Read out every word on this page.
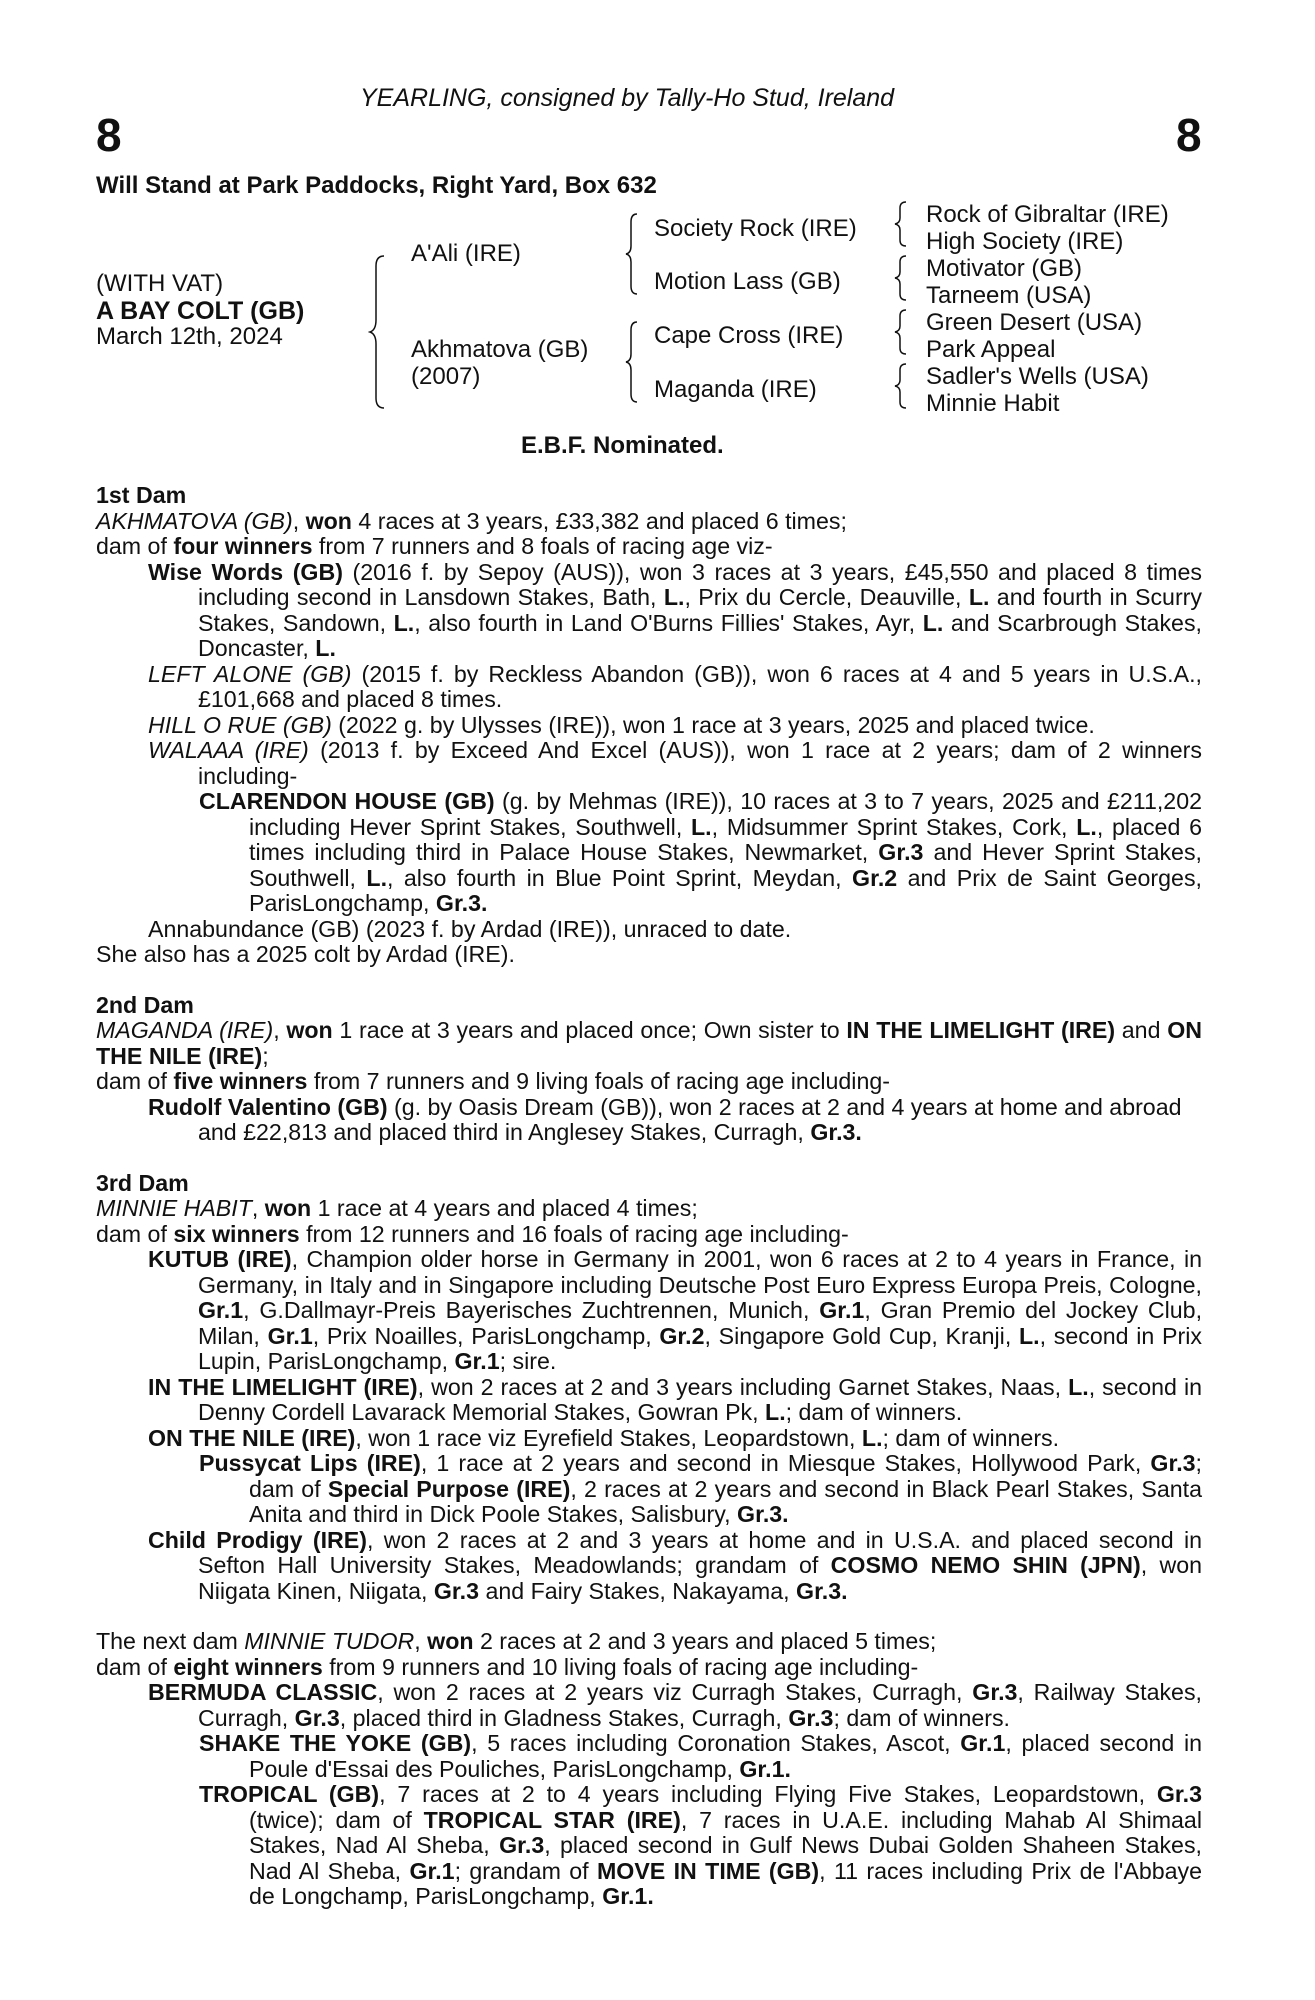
8	8
YEARLING, consigned by Tally-Ho Stud, Ireland
Will Stand at Park Paddocks, Right Yard, Box 632
(WITH VAT)
A BAY COLT (GB)
March 12th, 2024
A'Ali (IRE)
Akhmatova (GB)
(2007)
Society Rock (IRE)
Motion Lass (GB)
Cape Cross (IRE)
Maganda (IRE)
Rock of Gibraltar (IRE)
High Society (IRE)
Motivator (GB)
Tarneem (USA)
Green Desert (USA)
Park Appeal
Sadler's Wells (USA)
Minnie Habit
E.B.F. Nominated.
1st Dam

AKHMATOVA (GB), won 4 races at 3 years, £33,382 and placed 6 times;

dam of four winners from 7 runners and 8 foals of racing age viz-

Wise Words (GB) (2016 f. by Sepoy (AUS)), won 3 races at 3 years, £45,550 and placed 8 times including second in Lansdown Stakes, Bath, L., Prix du Cercle, Deauville, L. and fourth in Scurry Stakes, Sandown, L., also fourth in Land O'Burns Fillies' Stakes, Ayr, L. and Scarbrough Stakes, Doncaster, L.

LEFT ALONE (GB) (2015 f. by Reckless Abandon (GB)), won 6 races at 4 and 5 years in U.S.A., £101,668 and placed 8 times.

HILL O RUE (GB) (2022 g. by Ulysses (IRE)), won 1 race at 3 years, 2025 and placed twice.

WALAAA (IRE) (2013 f. by Exceed And Excel (AUS)), won 1 race at 2 years; dam of 2 winners including-

CLARENDON HOUSE (GB) (g. by Mehmas (IRE)), 10 races at 3 to 7 years, 2025 and £211,202 including Hever Sprint Stakes, Southwell, L., Midsummer Sprint Stakes, Cork, L., placed 6 times including third in Palace House Stakes, Newmarket, Gr.3 and Hever Sprint Stakes, Southwell, L., also fourth in Blue Point Sprint, Meydan, Gr.2 and Prix de Saint Georges, ParisLongchamp, Gr.3.

Annabundance (GB) (2023 f. by Ardad (IRE)), unraced to date.

She also has a 2025 colt by Ardad (IRE).

2nd Dam

MAGANDA (IRE), won 1 race at 3 years and placed once; Own sister to IN THE LIMELIGHT (IRE) and ON THE NILE (IRE);

dam of five winners from 7 runners and 9 living foals of racing age including-

Rudolf Valentino (GB) (g. by Oasis Dream (GB)), won 2 races at 2 and 4 years at home and abroad and £22,813 and placed third in Anglesey Stakes, Curragh, Gr.3.

3rd Dam

MINNIE HABIT, won 1 race at 4 years and placed 4 times;

dam of six winners from 12 runners and 16 foals of racing age including-

KUTUB (IRE), Champion older horse in Germany in 2001, won 6 races at 2 to 4 years in France, in Germany, in Italy and in Singapore including Deutsche Post Euro Express Europa Preis, Cologne, Gr.1, G.Dallmayr-Preis Bayerisches Zuchtrennen, Munich, Gr.1, Gran Premio del Jockey Club, Milan, Gr.1, Prix Noailles, ParisLongchamp, Gr.2, Singapore Gold Cup, Kranji, L., second in Prix Lupin, ParisLongchamp, Gr.1; sire.

IN THE LIMELIGHT (IRE), won 2 races at 2 and 3 years including Garnet Stakes, Naas, L., second in Denny Cordell Lavarack Memorial Stakes, Gowran Pk, L.; dam of winners.

ON THE NILE (IRE), won 1 race viz Eyrefield Stakes, Leopardstown, L.; dam of winners.

Pussycat Lips (IRE), 1 race at 2 years and second in Miesque Stakes, Hollywood Park, Gr.3; dam of Special Purpose (IRE), 2 races at 2 years and second in Black Pearl Stakes, Santa Anita and third in Dick Poole Stakes, Salisbury, Gr.3.

Child Prodigy (IRE), won 2 races at 2 and 3 years at home and in U.S.A. and placed second in Sefton Hall University Stakes, Meadowlands; grandam of COSMO NEMO SHIN (JPN), won Niigata Kinen, Niigata, Gr.3 and Fairy Stakes, Nakayama, Gr.3.

The next dam MINNIE TUDOR, won 2 races at 2 and 3 years and placed 5 times;

dam of eight winners from 9 runners and 10 living foals of racing age including-

BERMUDA CLASSIC, won 2 races at 2 years viz Curragh Stakes, Curragh, Gr.3, Railway Stakes, Curragh, Gr.3, placed third in Gladness Stakes, Curragh, Gr.3; dam of winners.

SHAKE THE YOKE (GB), 5 races including Coronation Stakes, Ascot, Gr.1, placed second in Poule d'Essai des Pouliches, ParisLongchamp, Gr.1.

TROPICAL (GB), 7 races at 2 to 4 years including Flying Five Stakes, Leopardstown, Gr.3 (twice); dam of TROPICAL STAR (IRE), 7 races in U.A.E. including Mahab Al Shimaal Stakes, Nad Al Sheba, Gr.3, placed second in Gulf News Dubai Golden Shaheen Stakes, Nad Al Sheba, Gr.1; grandam of MOVE IN TIME (GB), 11 races including Prix de l'Abbaye de Longchamp, ParisLongchamp, Gr.1.
